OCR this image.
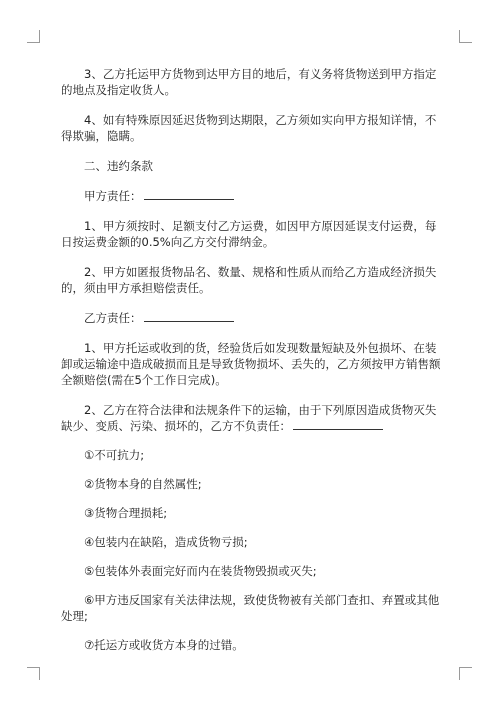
3、乙方托运甲方货物到达甲方目的地后，有义务将货物送到甲方指定的地点及指定收货人。

4、如有特殊原因延迟货物到达期限，乙方须如实向甲方报知详情，不得欺骗，隐瞒。

二、违约条款

甲方责任：

1、甲方须按时、足额支付乙方运费，如因甲方原因延误支付运费，每日按运费金额的0.5%向乙方交付滞纳金。

2、甲方如匿报货物品名、数量、规格和性质从而给乙方造成经济损失的，须由甲方承担赔偿责任。

乙方责任：

1、甲方托运或收到的货，经验货后如发现数量短缺及外包损坏、在装卸或运输途中造成破损而且是导致货物损坏、丢失的，乙方须按甲方销售额全额赔偿(需在5个工作日完成)。

2、乙方在符合法律和法规条件下的运输，由于下列原因造成货物灭失缺少、变质、污染、损坏的，乙方不负责任：

①不可抗力;

②货物本身的自然属性;

③货物合理损耗;

④包装内在缺陷，造成货物亏损;

⑤包装体外表面完好而内在装货物毁损或灭失;

⑥甲方违反国家有关法律法规，致使货物被有关部门查扣、弃置或其他处理;

⑦托运方或收货方本身的过错。
